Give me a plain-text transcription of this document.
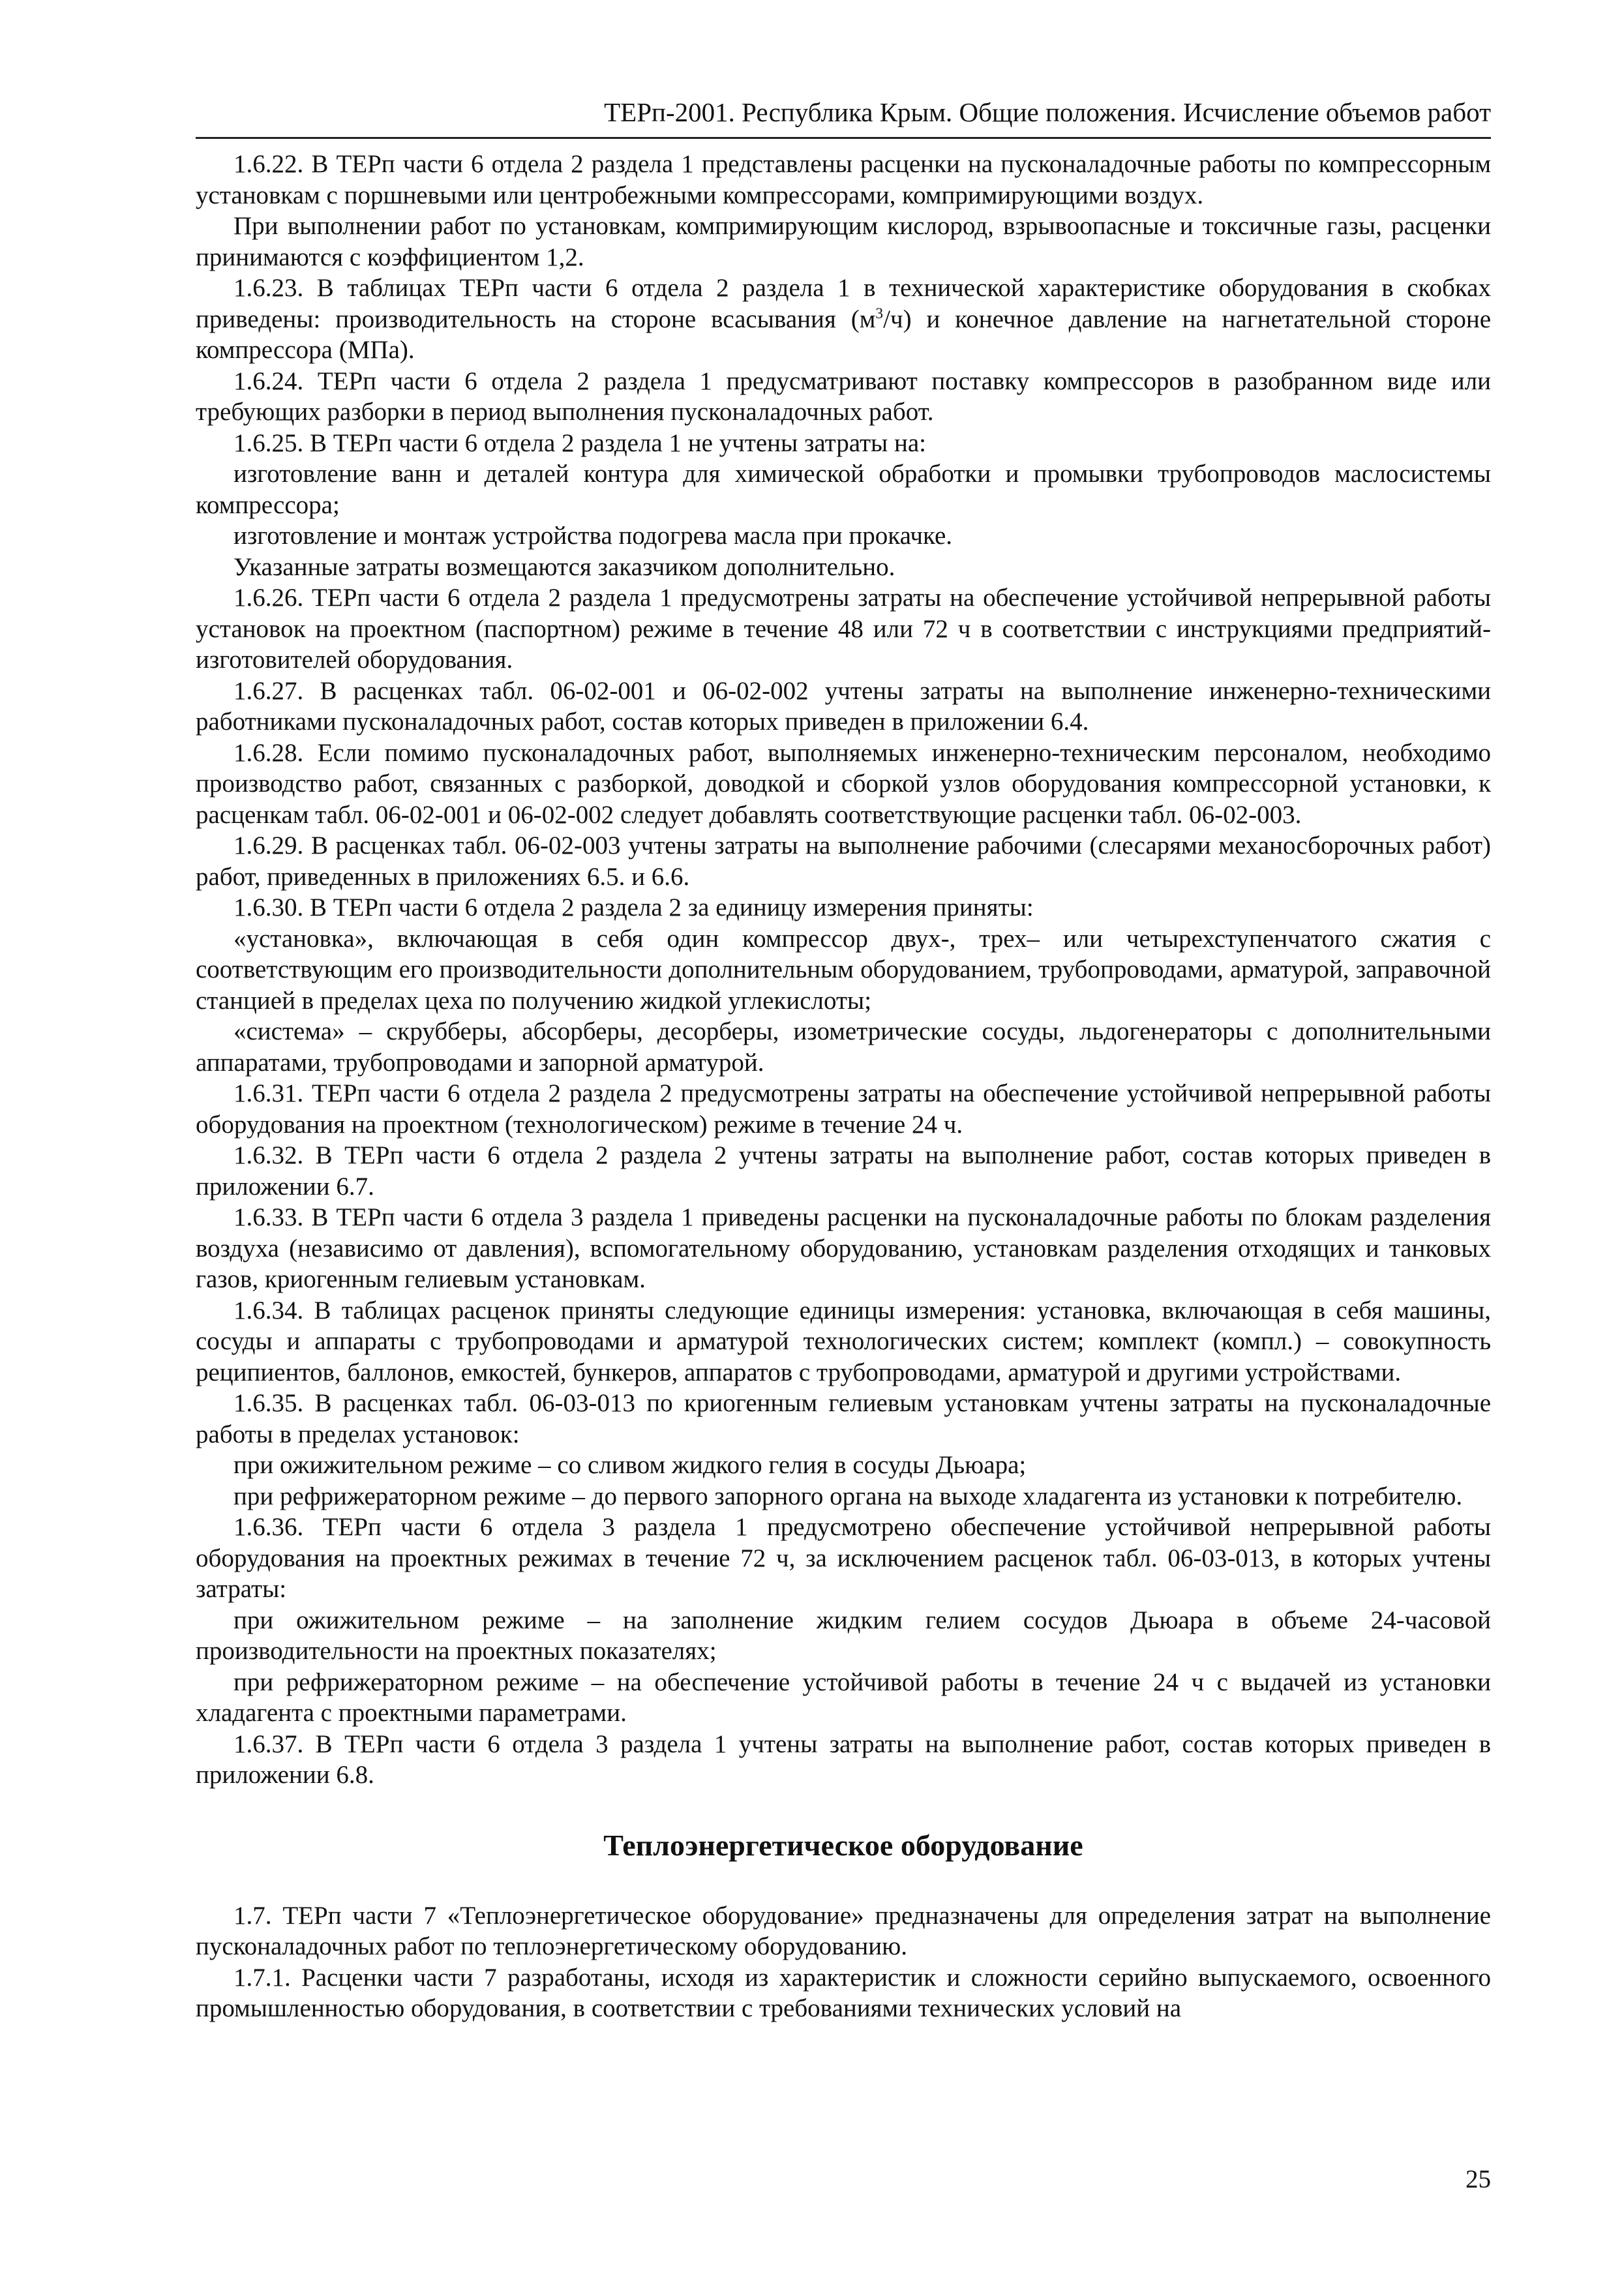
ТЕРп-2001. Республика Крым. Общие положения. Исчисление объемов работ

1.6.22. В ТЕРп части 6 отдела 2 раздела 1 представлены расценки на пусконаладочные работы по компрессорным установкам с поршневыми или центробежными компрессорами, компримирующими воздух.

При выполнении работ по установкам, компримирующим кислород, взрывоопасные и токсичные газы, расценки принимаются с коэффициентом 1,2.

1.6.23. В таблицах ТЕРп части 6 отдела 2 раздела 1 в технической характеристике оборудования в скобках приведены: производительность на стороне всасывания $(м^3/ч)$ и конечное давление на нагнетательной стороне компрессора (МПа).

1.6.24. ТЕРп части 6 отдела 2 раздела 1 предусматривают поставку компрессоров в разобранном виде или требующих разборки в период выполнения пусконаладочных работ.

1.6.25. В ТЕРп части 6 отдела 2 раздела 1 не учтены затраты на:

изготовление ванн и деталей контура для химической обработки и промывки трубопроводов маслосистемы компрессора;

изготовление и монтаж устройства подогрева масла при прокачке.

Указанные затраты возмещаются заказчиком дополнительно.

1.6.26. ТЕРп части 6 отдела 2 раздела 1 предусмотрены затраты на обеспечение устойчивой непрерывной работы установок на проектном (паспортном) режиме в течение 48 или 72 ч в соответствии с инструкциями предприятий-изготовителей оборудования.

1.6.27. В расценках табл. 06-02-001 и 06-02-002 учтены затраты на выполнение инженерно-техническими работниками пусконаладочных работ, состав которых приведен в приложении 6.4.

1.6.28. Если помимо пусконаладочных работ, выполняемых инженерно-техническим персоналом, необходимо производство работ, связанных с разборкой, доводкой и сборкой узлов оборудования компрессорной установки, к расценкам табл. 06-02-001 и 06-02-002 следует добавлять соответствующие расценки табл. 06-02-003.

1.6.29. В расценках табл. 06-02-003 учтены затраты на выполнение рабочими (слесарями механосборочных работ) работ, приведенных в приложениях 6.5. и 6.6.

1.6.30. В ТЕРп части 6 отдела 2 раздела 2 за единицу измерения приняты:

«установка», включающая в себя один компрессор двух-, трех– или четырехступенчатого сжатия с соответствующим его производительности дополнительным оборудованием, трубопроводами, арматурой, заправочной станцией в пределах цеха по получению жидкой углекислоты;

«система» – скрубберы, абсорберы, десорберы, изометрические сосуды, льдогенераторы с дополнительными аппаратами, трубопроводами и запорной арматурой.

1.6.31. ТЕРп части 6 отдела 2 раздела 2 предусмотрены затраты на обеспечение устойчивой непрерывной работы оборудования на проектном (технологическом) режиме в течение 24 ч.

1.6.32. В ТЕРп части 6 отдела 2 раздела 2 учтены затраты на выполнение работ, состав которых приведен в приложении 6.7.

1.6.33. В ТЕРп части 6 отдела 3 раздела 1 приведены расценки на пусконаладочные работы по блокам разделения воздуха (независимо от давления), вспомогательному оборудованию, установкам разделения отходящих и танковых газов, криогенным гелиевым установкам.

1.6.34. В таблицах расценок приняты следующие единицы измерения: установка, включающая в себя машины, сосуды и аппараты с трубопроводами и арматурой технологических систем; комплект (компл.) – совокупность реципиентов, баллонов, емкостей, бункеров, аппаратов с трубопроводами, арматурой и другими устройствами.

1.6.35. В расценках табл. 06-03-013 по криогенным гелиевым установкам учтены затраты на пусконаладочные работы в пределах установок:

при ожижительном режиме – со сливом жидкого гелия в сосуды Дьюара;

при рефрижераторном режиме – до первого запорного органа на выходе хладагента из установки к потребителю.

1.6.36. ТЕРп части 6 отдела 3 раздела 1 предусмотрено обеспечение устойчивой непрерывной работы оборудования на проектных режимах в течение 72 ч, за исключением расценок табл. 06-03-013, в которых учтены затраты:

при ожижительном режиме – на заполнение жидким гелием сосудов Дьюара в объеме 24-часовой производительности на проектных показателях;

при рефрижераторном режиме – на обеспечение устойчивой работы в течение 24 ч с выдачей из установки хладагента с проектными параметрами.

1.6.37. В ТЕРп части 6 отдела 3 раздела 1 учтены затраты на выполнение работ, состав которых приведен в приложении 6.8.

Теплоэнергетическое оборудование

1.7. ТЕРп части 7 «Теплоэнергетическое оборудование» предназначены для определения затрат на выполнение пусконаладочных работ по теплоэнергетическому оборудованию.

1.7.1. Расценки части 7 разработаны, исходя из характеристик и сложности серийно выпускаемого, освоенного промышленностью оборудования, в соответствии с требованиями технических условий на

25
